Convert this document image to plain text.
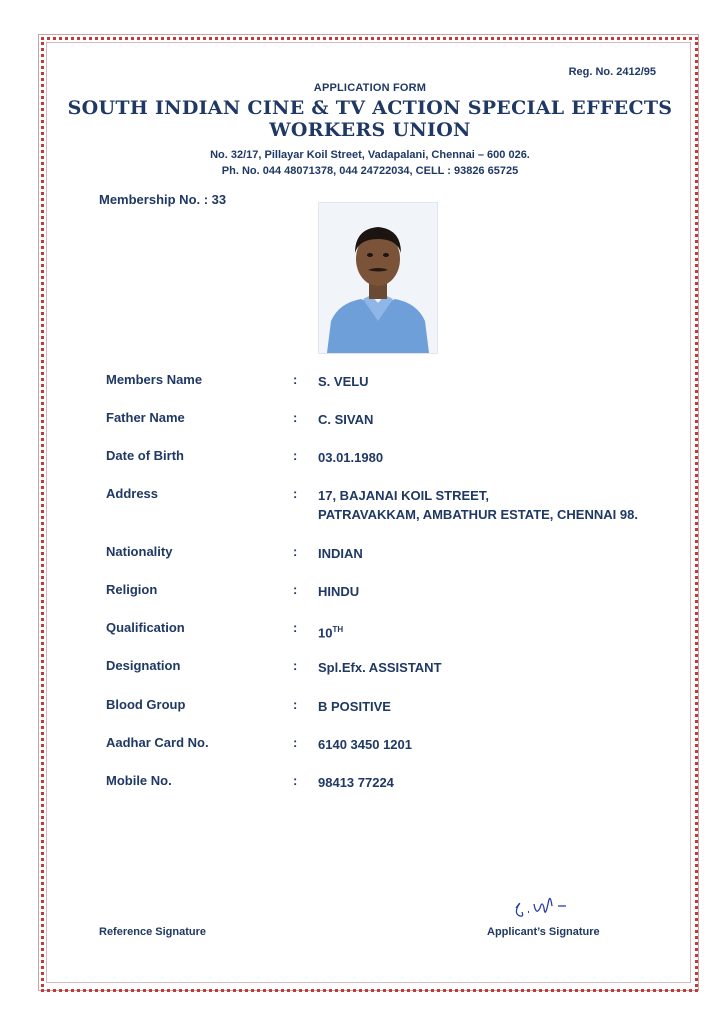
Reg. No. 2412/95
APPLICATION FORM
SOUTH INDIAN CINE & TV ACTION SPECIAL EFFECTS
WORKERS UNION
No. 32/17, Pillayar Koil Street, Vadapalani, Chennai – 600 026.
Ph. No. 044 48071378, 044 24722034, CELL : 93826 65725
Membership No. : 33
Members Name	: S. VELU
Father Name	: C. SIVAN
Date of Birth	: 03.01.1980
Address	: 17, BAJANAI KOIL STREET,
PATRAVAKKAM, AMBATHUR ESTATE, CHENNAI 98.
Nationality	: INDIAN
Religion	: HINDU
Qualification	: 10TH
Designation	: Spl.Efx. ASSISTANT
Blood Group	: B POSITIVE
Aadhar Card No.	: 6140 3450 1201
Mobile No.	: 98413 77224
Reference Signature	Applicant’s Signature
